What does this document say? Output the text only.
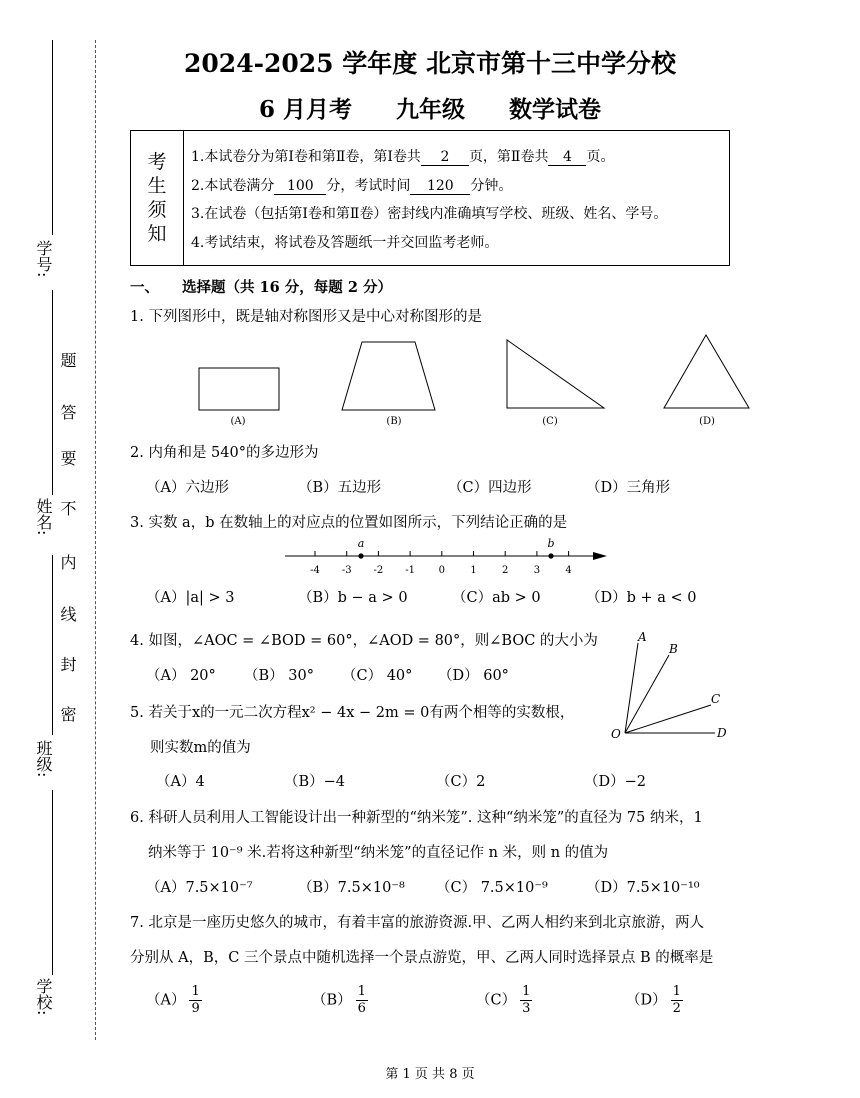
学号:
姓名:
班级:
学校:
题
答
要
不
内
线
封
密
2024-2025 学年度 北京市第十三中学分校
6 月月考 九年级 数学试卷
考
生
须
知
1.本试卷分为第Ⅰ卷和第Ⅱ卷，第Ⅰ卷共 2 页，第Ⅱ卷共 4 页。
2.本试卷满分 100 分，考试时间 120 分钟。
3.在试卷（包括第Ⅰ卷和第Ⅱ卷）密封线内准确填写学校、班级、姓名、学号。
4.考试结束，将试卷及答题纸一并交回监考老师。
一、 选择题（共 16 分，每题 2 分）
1. 下列图形中，既是轴对称图形又是中心对称图形的是
(A)	(B)	(C)	(D)
2. 内角和是 540°的多边形为
（A）六边形	（B）五边形	（C）四边形	（D）三角形
3. 实数 a，b 在数轴上的对应点的位置如图所示，下列结论正确的是
-4 -3 -2 -1 0	1	2	3	4
a	b
（A）|a| > 3	（B）b − a > 0	（C）ab > 0	（D）b + a < 0
4. 如图，∠AOC = ∠BOD = 60°，∠AOD = 80°，则∠BOC 的大小为
（A） 20° （B） 30° （C） 40° （D） 60°
A
B
C
D
O
5. 若关于x的一元二次方程x² − 4x − 2m = 0有两个相等的实数根，
则实数m的值为
（A）4	（B）−4	（C）2	（D）−2
6. 科研人员利用人工智能设计出一种新型的“纳米笼”. 这种“纳米笼”的直径为 75 纳米，1
纳米等于 10⁻⁹ 米.若将这种新型“纳米笼”的直径记作 n 米，则 n 的值为
（A）7.5×10⁻⁷	（B）7.5×10⁻⁸ （C） 7.5×10⁻⁹	（D）7.5×10⁻¹⁰
7. 北京是一座历史悠久的城市，有着丰富的旅游资源.甲、乙两人相约来到北京旅游，两人
分别从 A，B，C 三个景点中随机选择一个景点游览，甲、乙两人同时选择景点 B 的概率是
$(A) \frac{1}{9}$	$(B) \frac{1}{6}$	$(C) \frac{1}{3}$	$(D) \frac{1}{2}$
第 1 页 共 8 页
